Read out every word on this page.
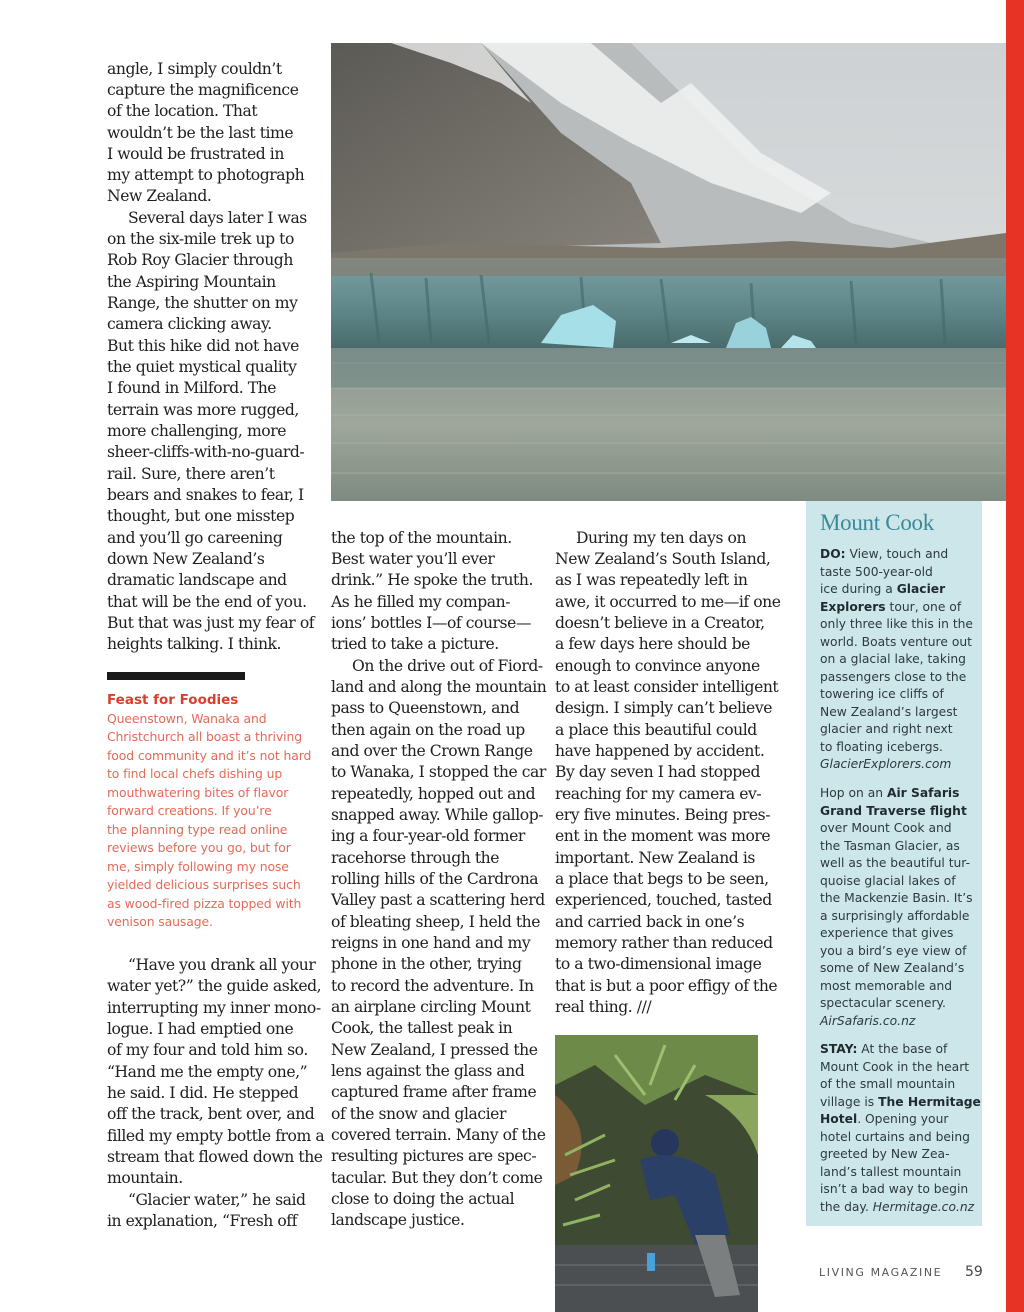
angle, I simply couldn’t
capture the magnificence
of the location. That
wouldn’t be the last time
I would be frustrated in
my attempt to photograph
New Zealand.
Several days later I was
on the six-mile trek up to
Rob Roy Glacier through
the Aspiring Mountain
Range, the shutter on my
camera clicking away.
But this hike did not have
the quiet mystical quality
I found in Milford. The
terrain was more rugged,
more challenging, more
sheer-cliffs-with-no-guard-
rail. Sure, there aren’t
bears and snakes to fear, I
thought, but one misstep
and you’ll go careening
down New Zealand’s
dramatic landscape and
that will be the end of you.
But that was just my fear of
heights talking. I think.
Feast for Foodies
Queenstown, Wanaka and
Christchurch all boast a thriving
food community and it’s not hard
to find local chefs dishing up
mouthwatering bites of flavor
forward creations. If you’re
the planning type read online
reviews before you go, but for
me, simply following my nose
yielded delicious surprises such
as wood-fired pizza topped with
venison sausage.
“Have you drank all your
water yet?” the guide asked,
interrupting my inner mono-
logue. I had emptied one
of my four and told him so.
“Hand me the empty one,”
he said. I did. He stepped
off the track, bent over, and
filled my empty bottle from a
stream that flowed down the
mountain.
“Glacier water,” he said
in explanation, “Fresh off
the top of the mountain.
Best water you’ll ever
drink.” He spoke the truth.
As he filled my compan-
ions’ bottles I—of course—
tried to take a picture.
On the drive out of Fiord-
land and along the mountain
pass to Queenstown, and
then again on the road up
and over the Crown Range
to Wanaka, I stopped the car
repeatedly, hopped out and
snapped away. While gallop-
ing a four-year-old former
racehorse through the
rolling hills of the Cardrona
Valley past a scattering herd
of bleating sheep, I held the
reigns in one hand and my
phone in the other, trying
to record the adventure. In
an airplane circling Mount
Cook, the tallest peak in
New Zealand, I pressed the
lens against the glass and
captured frame after frame
of the snow and glacier
covered terrain. Many of the
resulting pictures are spec-
tacular. But they don’t come
close to doing the actual
landscape justice.
During my ten days on
New Zealand’s South Island,
as I was repeatedly left in
awe, it occurred to me—if one
doesn’t believe in a Creator,
a few days here should be
enough to convince anyone
to at least consider intelligent
design. I simply can’t believe
a place this beautiful could
have happened by accident.
By day seven I had stopped
reaching for my camera ev-
ery five minutes. Being pres-
ent in the moment was more
important. New Zealand is
a place that begs to be seen,
experienced, touched, tasted
and carried back in one’s
memory rather than reduced
to a two-dimensional image
that is but a poor effigy of the
real thing. ///
Mount Cook
DO: View, touch and
taste 500-year-old
ice during a Glacier
Explorers tour, one of
only three like this in the
world. Boats venture out
on a glacial lake, taking
passengers close to the
towering ice cliffs of
New Zealand’s largest
glacier and right next
to floating icebergs.
GlacierExplorers.com
Hop on an Air Safaris
Grand Traverse flight
over Mount Cook and
the Tasman Glacier, as
well as the beautiful tur-
quoise glacial lakes of
the Mackenzie Basin. It’s
a surprisingly affordable
experience that gives
you a bird’s eye view of
some of New Zealand’s
most memorable and
spectacular scenery.
AirSafaris.co.nz
STAY: At the base of
Mount Cook in the heart
of the small mountain
village is The Hermitage
Hotel. Opening your
hotel curtains and being
greeted by New Zea-
land’s tallest mountain
isn’t a bad way to begin
the day. Hermitage.co.nz
LIVING MAGAZINE 59
